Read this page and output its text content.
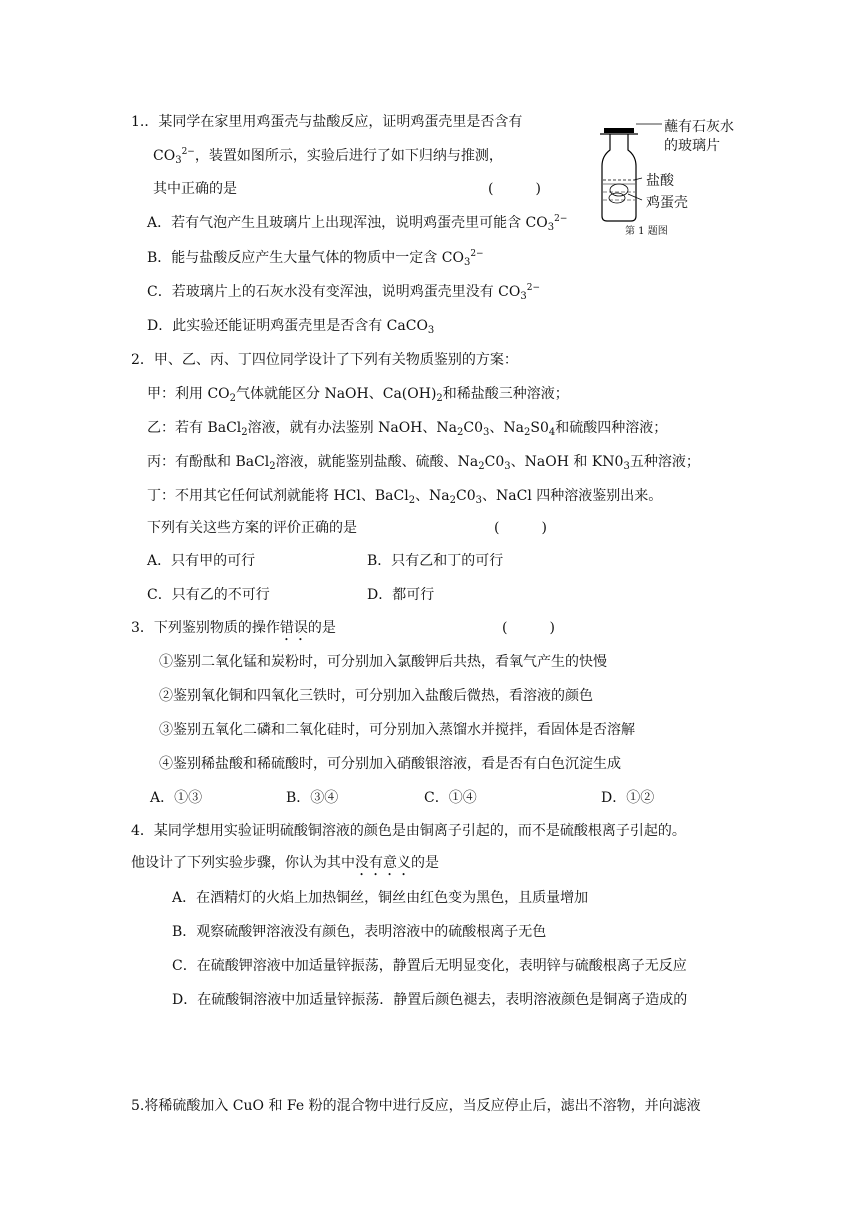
1.．某同学在家里用鸡蛋壳与盐酸反应，证明鸡蛋壳里是否含有
$CO_3^{2-}$，装置如图所示，实验后进行了如下归纳与推测，
其中正确的是	(　　　)
A．若有气泡产生且玻璃片上出现浑浊，说明鸡蛋壳里可能含 $CO_3^{2-}$
B．能与盐酸反应产生大量气体的物质中一定含 $CO_3^{2-}$
C．若玻璃片上的石灰水没有变浑浊，说明鸡蛋壳里没有 $CO_3^{2-}$
D．此实验还能证明鸡蛋壳里是否含有 CaCO$_3$
蘸有石灰水
的玻璃片
盐酸
鸡蛋壳
第 1 题图
2．甲、乙、丙、丁四位同学设计了下列有关物质鉴别的方案：
甲：利用 $CO_2$气体就能区分 NaOH、$Ca(OH)_2$和稀盐酸三种溶液；
乙：若有 BaCl$_2$溶液，就有办法鉴别 NaOH、$Na_2C0_3$、$Na_2S0_4$和硫酸四种溶液；
丙：有酚酞和 BaCl$_2$溶液，就能鉴别盐酸、硫酸、$Na_2C0_3$、NaOH 和 $KN0_3$五种溶液；
丁：不用其它任何试剂就能将 HCl、BaCl$_2$、$Na_2C0_3$、NaCl 四种溶液鉴别出来。
下列有关这些方案的评价正确的是	(　　　)
A．只有甲的可行	B．只有乙和丁的可行
C．只有乙的不可行	D．都可行
3．下列鉴别物质的操作错误的是	(　　　)
①鉴别二氧化锰和炭粉时，可分别加入氯酸钾后共热，看氧气产生的快慢
②鉴别氧化铜和四氧化三铁时，可分别加入盐酸后微热，看溶液的颜色
③鉴别五氧化二磷和二氧化硅时，可分别加入蒸馏水并搅拌，看固体是否溶解
④鉴别稀盐酸和稀硫酸时，可分别加入硝酸银溶液，看是否有白色沉淀生成
A．①③	B．③④	C．①④	D．①②
4．某同学想用实验证明硫酸铜溶液的颜色是由铜离子引起的，而不是硫酸根离子引起的。
他设计了下列实验步骤，你认为其中没有意义的是
A．在酒精灯的火焰上加热铜丝，铜丝由红色变为黑色，且质量增加
B．观察硫酸钾溶液没有颜色，表明溶液中的硫酸根离子无色
C．在硫酸钾溶液中加适量锌振荡，静置后无明显变化，表明锌与硫酸根离子无反应
D．在硫酸铜溶液中加适量锌振荡．静置后颜色褪去，表明溶液颜色是铜离子造成的
5.将稀硫酸加入 CuO 和 Fe 粉的混合物中进行反应，当反应停止后，滤出不溶物，并向滤液
